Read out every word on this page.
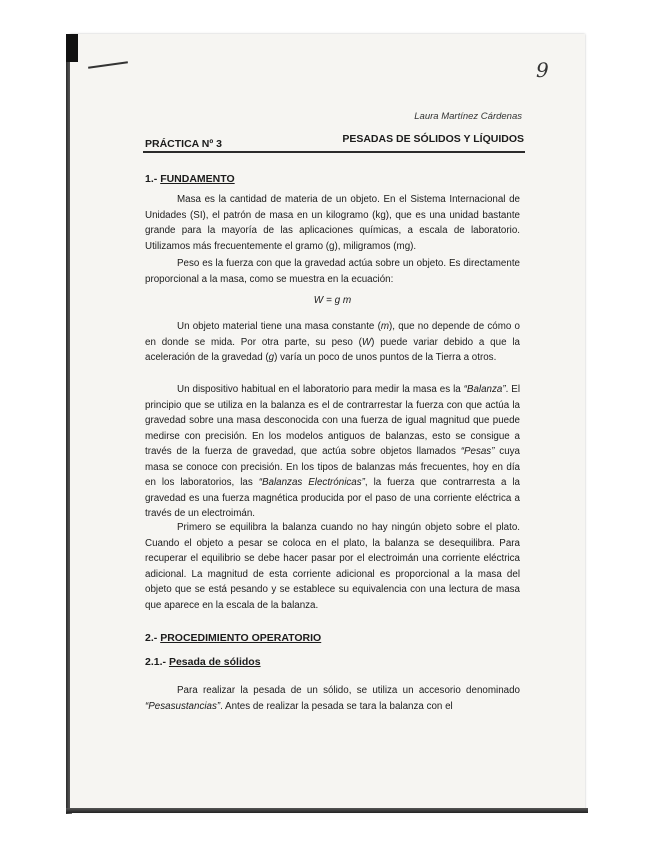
9
Laura Martínez Cárdenas
PRÁCTICA Nº 3	PESADAS DE SÓLIDOS Y LÍQUIDOS
1.- FUNDAMENTO

Masa es la cantidad de materia de un objeto. En el Sistema Internacional de Unidades (SI), el patrón de masa en un kilogramo (kg), que es una unidad bastante grande para la mayoría de las aplicaciones químicas, a escala de laboratorio. Utilizamos más frecuentemente el gramo (g), miligramos (mg).

Peso es la fuerza con que la gravedad actúa sobre un objeto. Es directamente proporcional a la masa, como se muestra en la ecuación:

W = g m

Un objeto material tiene una masa constante (m), que no depende de cómo o en donde se mida. Por otra parte, su peso (W) puede variar debido a que la aceleración de la gravedad (g) varía un poco de unos puntos de la Tierra a otros.

Un dispositivo habitual en el laboratorio para medir la masa es la “Balanza”. El principio que se utiliza en la balanza es el de contrarrestar la fuerza con que actúa la gravedad sobre una masa desconocida con una fuerza de igual magnitud que puede medirse con precisión. En los modelos antiguos de balanzas, esto se consigue a través de la fuerza de gravedad, que actúa sobre objetos llamados “Pesas” cuya masa se conoce con precisión. En los tipos de balanzas más frecuentes, hoy en día en los laboratorios, las “Balanzas Electrónicas”, la fuerza que contrarresta a la gravedad es una fuerza magnética producida por el paso de una corriente eléctrica a través de un electroimán.

Primero se equilibra la balanza cuando no hay ningún objeto sobre el plato. Cuando el objeto a pesar se coloca en el plato, la balanza se desequilibra. Para recuperar el equilibrio se debe hacer pasar por el electroimán una corriente eléctrica adicional. La magnitud de esta corriente adicional es proporcional a la masa del objeto que se está pesando y se establece su equivalencia con una lectura de masa que aparece en la escala de la balanza.

2.- PROCEDIMIENTO OPERATORIO
2.1.- Pesada de sólidos

Para realizar la pesada de un sólido, se utiliza un accesorio denominado “Pesasustancias”. Antes de realizar la pesada se tara la balanza con el
